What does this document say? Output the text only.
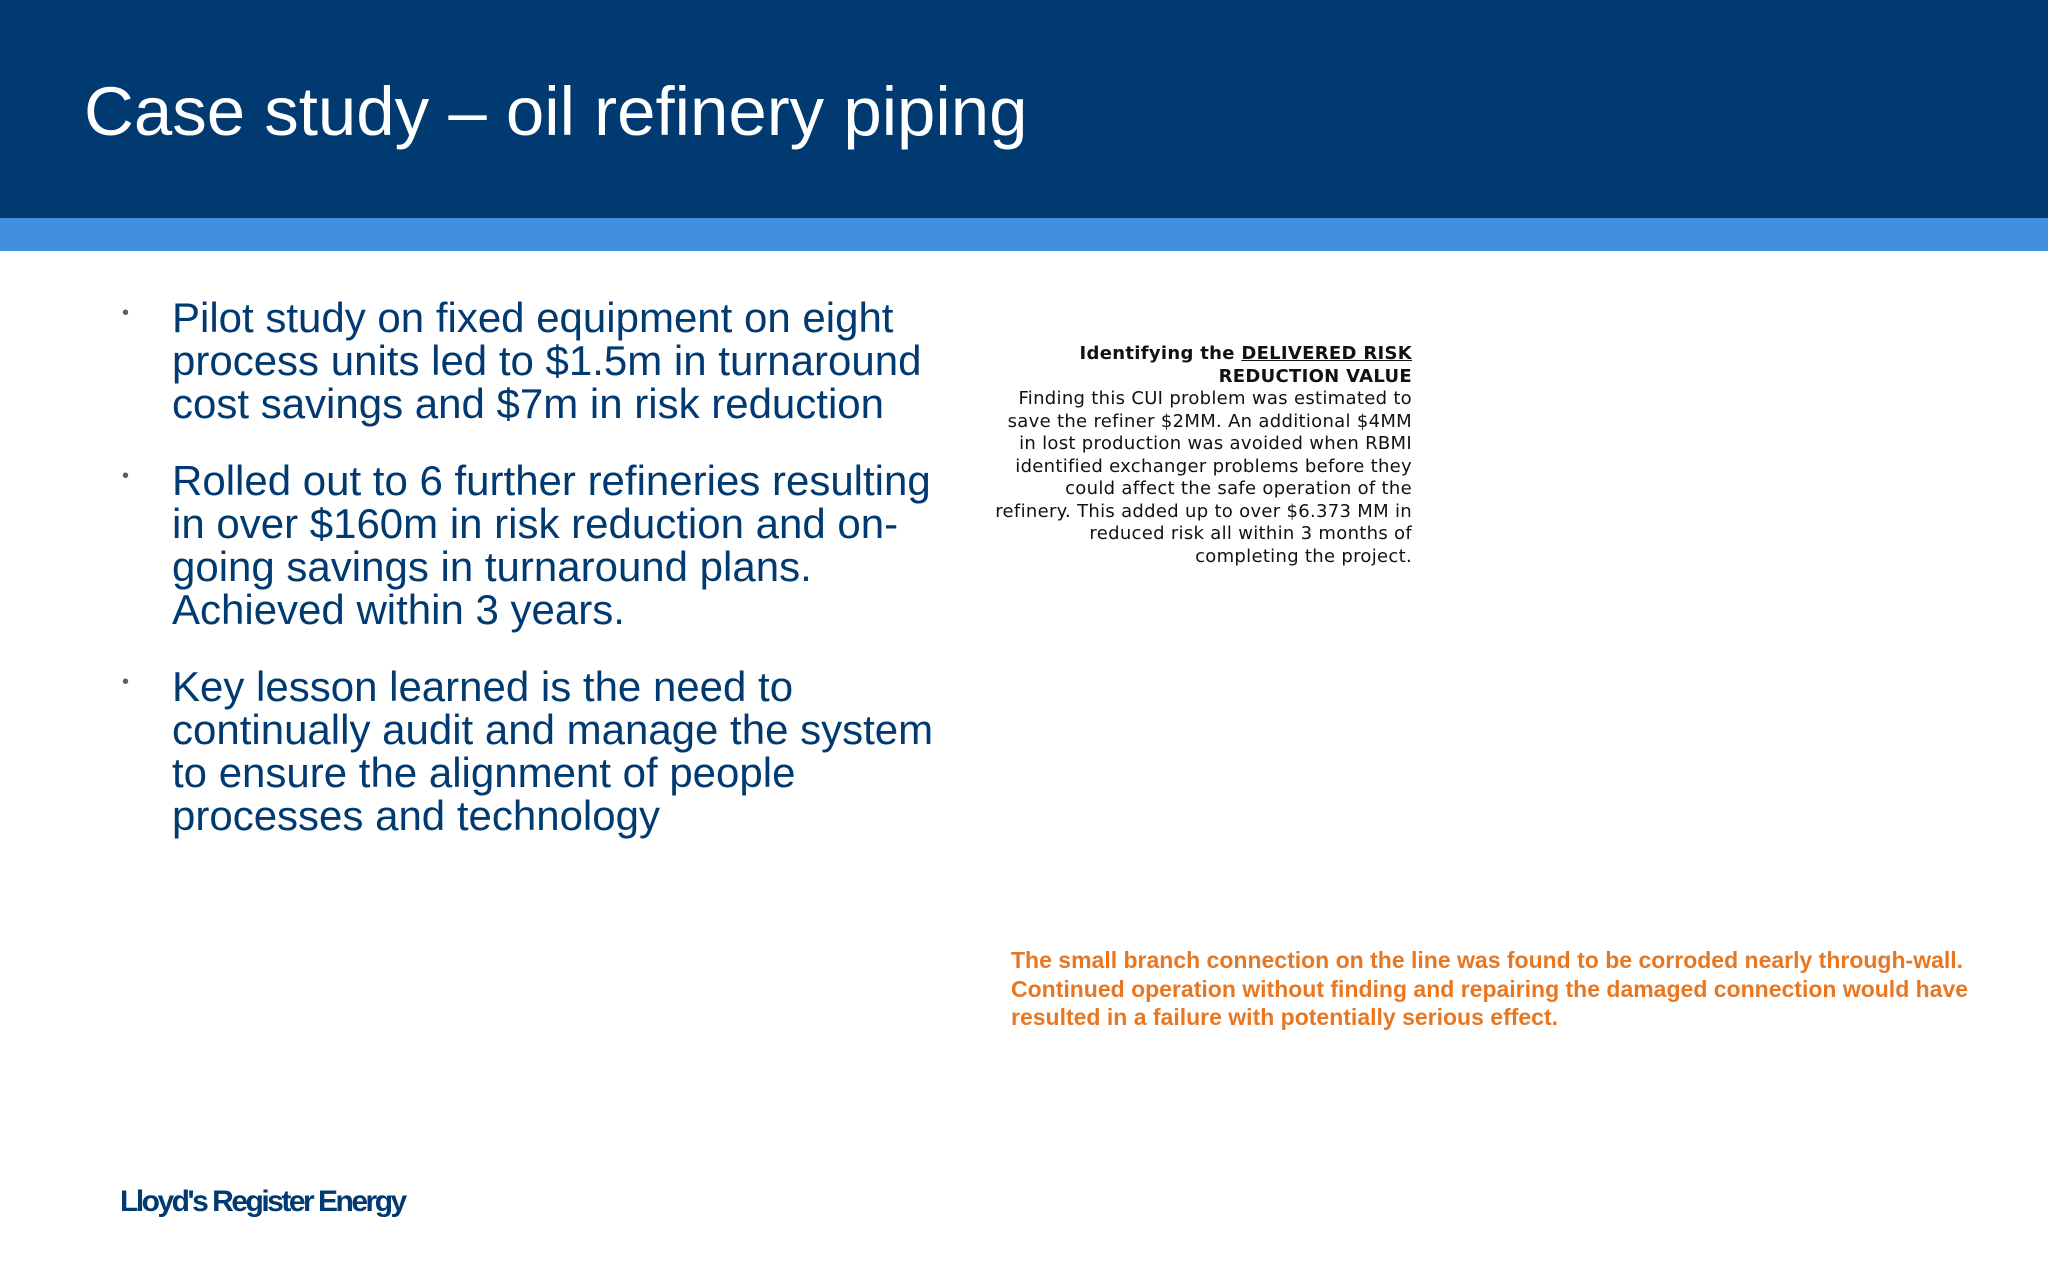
Case study – oil refinery piping
• Pilot study on fixed equipment on eight process units led to $1.5m in turnaround cost savings and $7m in risk reduction
• Rolled out to 6 further refineries resulting in over $160m in risk reduction and on-going savings in turnaround plans. Achieved within 3 years.
• Key lesson learned is the need to continually audit and manage the system to ensure the alignment of people processes and technology
Identifying the DELIVERED RISK
REDUCTION VALUE
Finding this CUI problem was estimated to save the refiner $2MM. An additional $4MM in lost production was avoided when RBMI identified exchanger problems before they could affect the safe operation of the refinery. This added up to over $6.373 MM in reduced risk all within 3 months of completing the project.

The small branch connection on the line was found to be corroded nearly through-wall. Continued operation without finding and repairing the damaged connection would have resulted in a failure with potentially serious effect.

Lloyd's Register Energy
